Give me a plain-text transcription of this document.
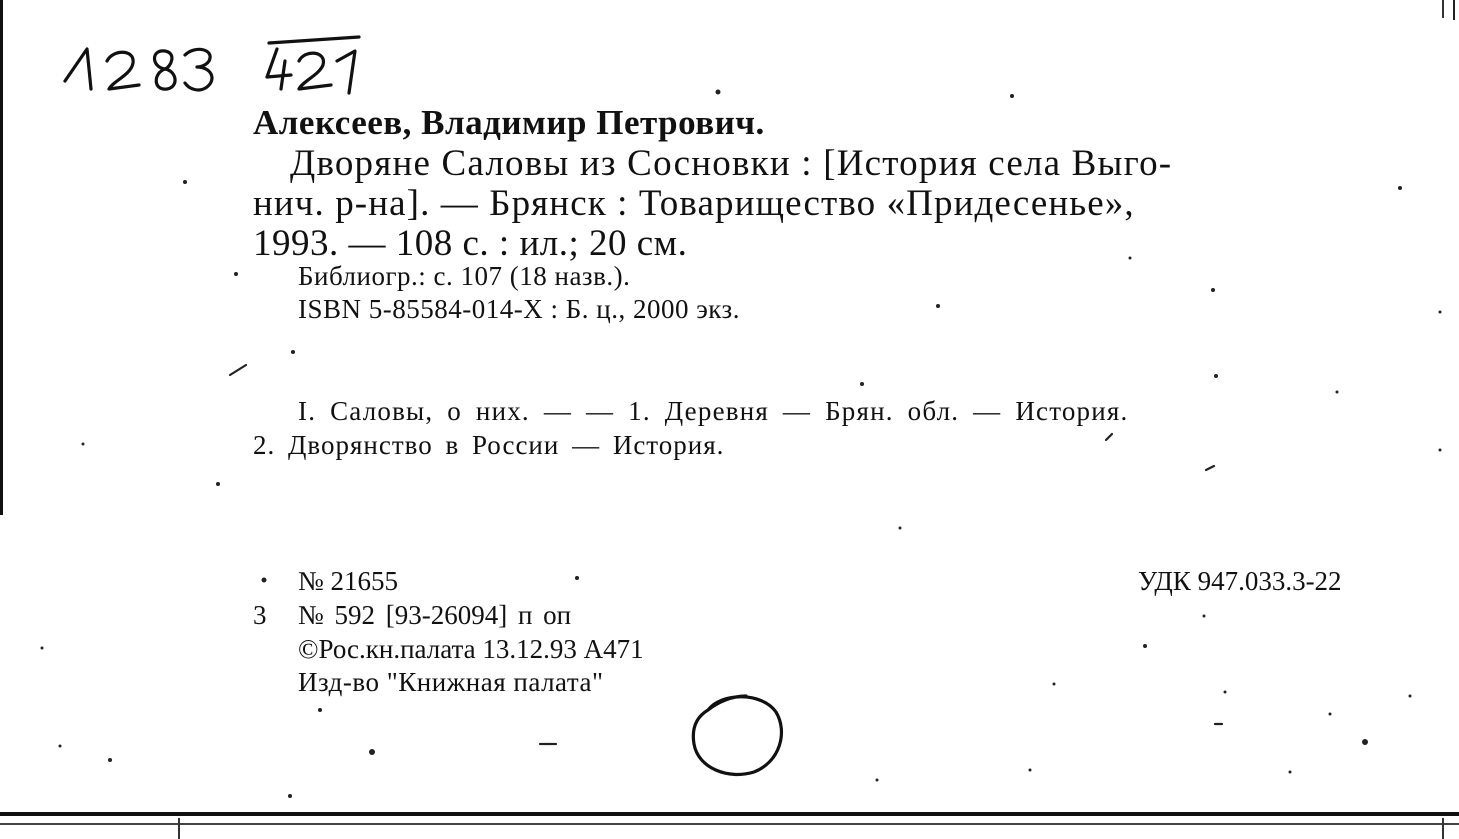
Алексеев, Владимир Петрович.
Дворяне Саловы из Сосновки : [История села Выго-
нич. р-на]. — Брянск : Товарищество «Придесенье»,
1993. — 108 с. : ил.; 20 см.
Библиогр.: с. 107 (18 назв.).
ISBN 5-85584-014-X : Б. ц., 2000 экз.
I. Саловы, о них. — — 1. Деревня — Брян. обл. — История.
2. Дворянство в России — История.
№ 21655	УДК 947.033.3-22
3 № 592 [93-26094] п оп
©Рос.кн.палата 13.12.93 А471
Изд-во "Книжная палата"
